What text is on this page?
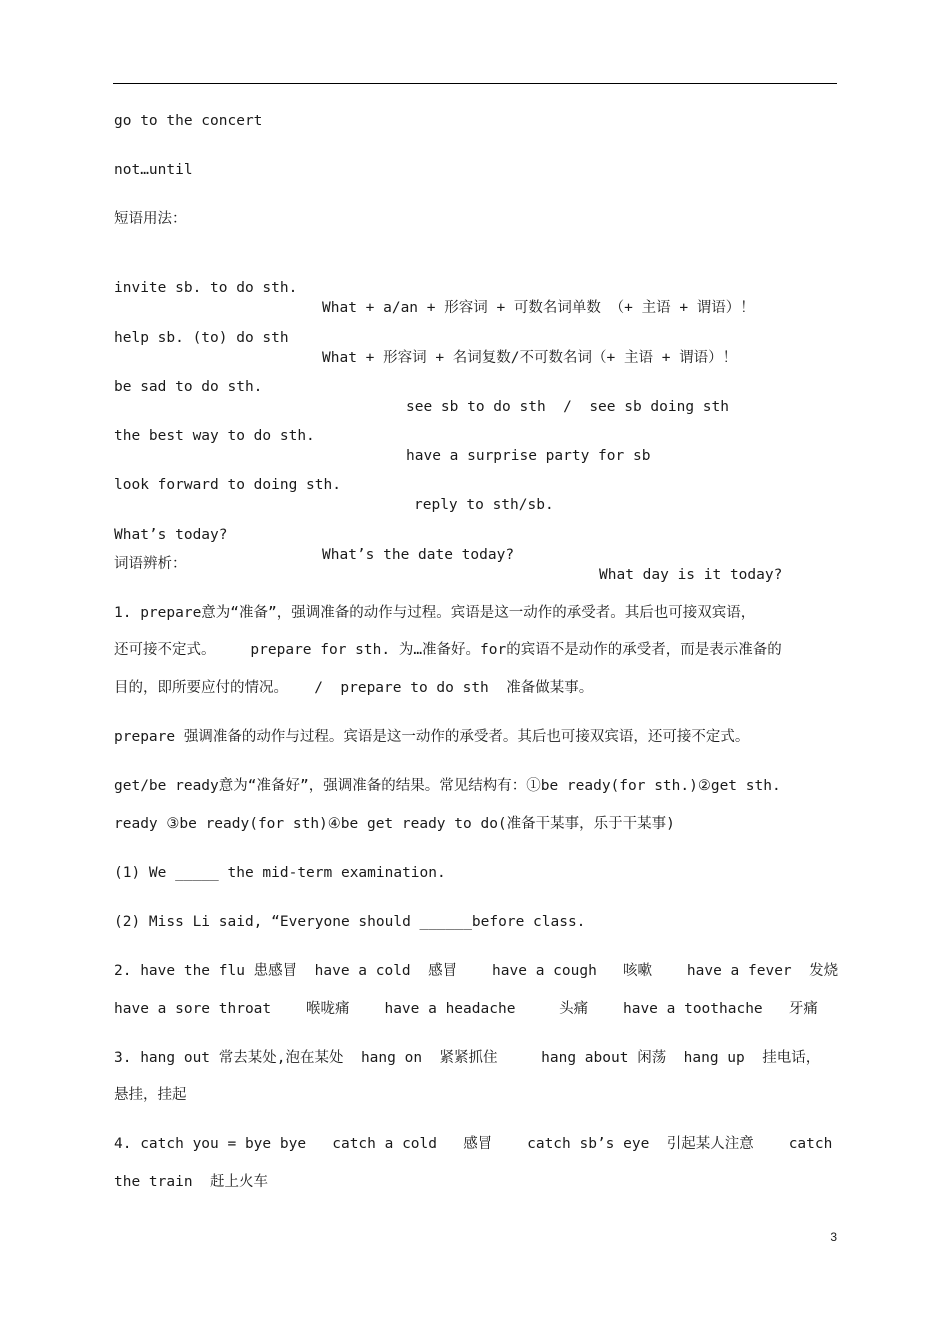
go to the concert
not…until
短语用法：

invite sb. to do sth.

What + a/an + 形容词 + 可数名词单数 （+ 主语 + 谓语）！

help sb. (to) do sth

What + 形容词 + 名词复数/不可数名词（+ 主语 + 谓语）！

be sad to do sth.

see sb to do sth  /  see sb doing sth

the best way to do sth.

have a surprise party for sb

look forward to doing sth.

reply to sth/sb.

What’s today?

What’s the date today?

What day is it today?

词语辨析：
1. prepare意为“准备”，强调准备的动作与过程。宾语是这一动作的承受者。其后也可接双宾语，
还可接不定式。    prepare for sth. 为…准备好。for的宾语不是动作的承受者，而是表示准备的
目的，即所要应付的情况。   /  prepare to do sth  准备做某事。
prepare 强调准备的动作与过程。宾语是这一动作的承受者。其后也可接双宾语，还可接不定式。
get/be ready意为“准备好”，强调准备的结果。常见结构有：①be ready(for sth.)②get sth.
ready ③be ready(for sth)④be get ready to do(准备干某事，乐于干某事)
(1) We _____ the mid-term examination.
(2) Miss Li said, “Everyone should ______before class.
2. have the flu 患感冒  have a cold  感冒    have a cough   咳嗽    have a fever  发烧
have a sore throat    喉咙痛    have a headache     头痛    have a toothache   牙痛
3. hang out 常去某处,泡在某处  hang on  紧紧抓住     hang about 闲荡  hang up  挂电话，
悬挂，挂起
4. catch you = bye bye   catch a cold   感冒    catch sb’s eye  引起某人注意    catch
the train  赶上火车
3
